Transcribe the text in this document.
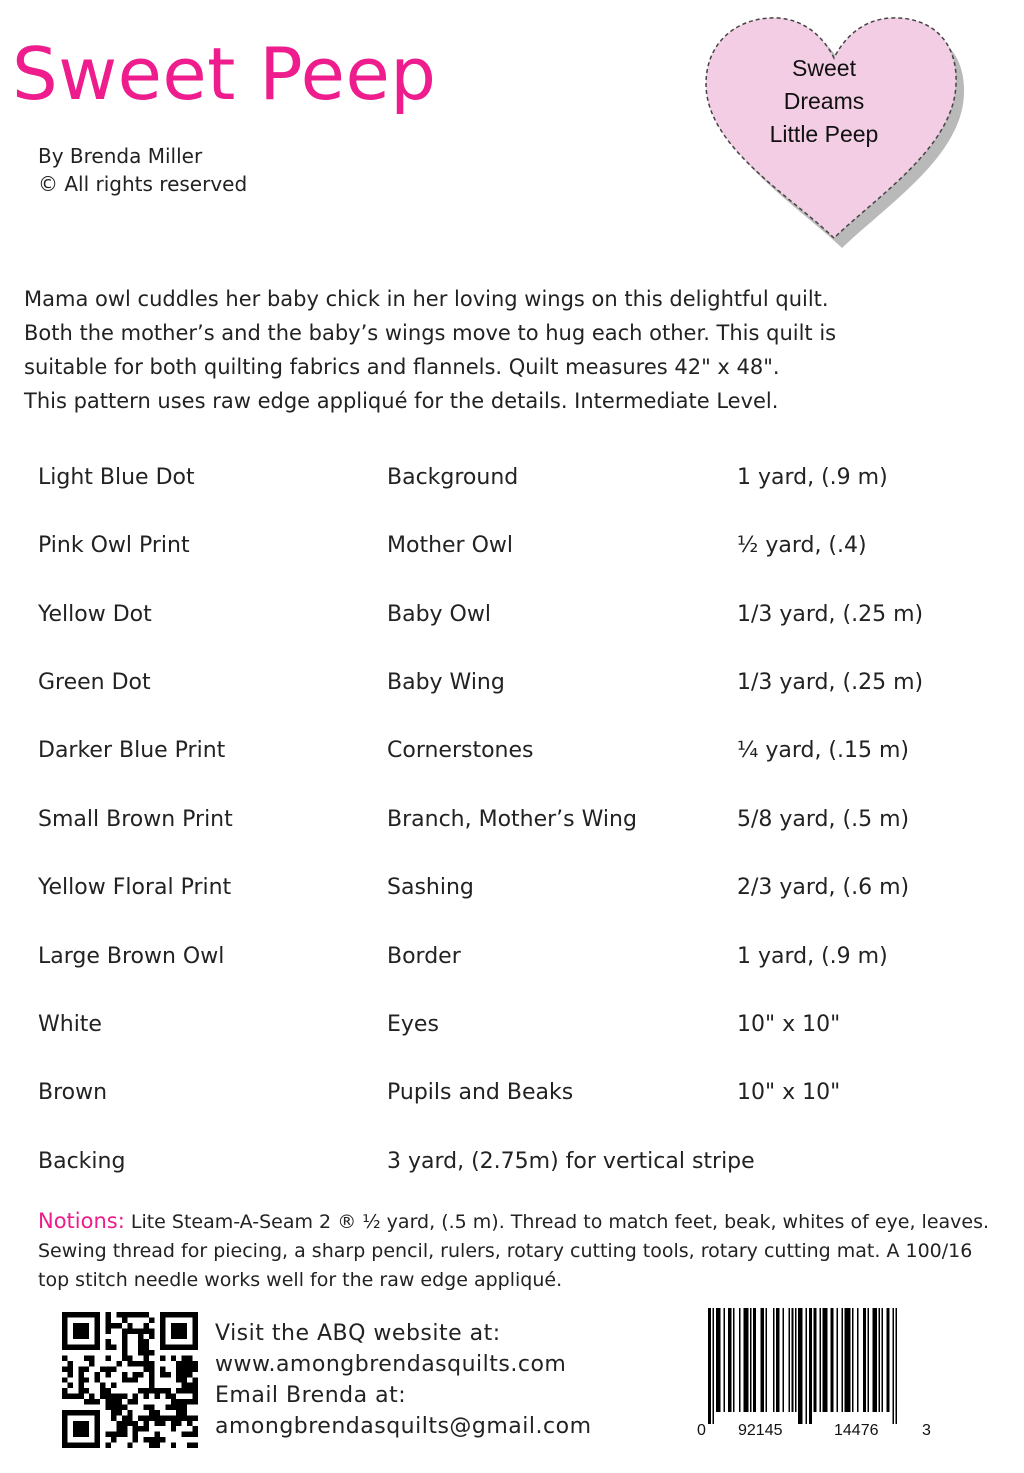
Sweet Peep
By Brenda Miller
© All rights reserved
Sweet
Dreams
Little Peep
Mama owl cuddles her baby chick in her loving wings on this delightful quilt.
Both the mother’s and the baby’s wings move to hug each other. This quilt is
suitable for both quilting fabrics and flannels. Quilt measures 42" x 48".
This pattern uses raw edge appliqué for the details. Intermediate Level.
Light Blue Dot	Background	1 yard, (.9 m)
Pink Owl Print	Mother Owl	½ yard, (.4)
Yellow Dot	Baby Owl	1/3 yard, (.25 m)
Green Dot	Baby Wing	1/3 yard, (.25 m)
Darker Blue Print	Cornerstones	¼ yard, (.15 m)
Small Brown Print	Branch, Mother’s Wing	5/8 yard, (.5 m)
Yellow Floral Print	Sashing	2/3 yard, (.6 m)
Large Brown Owl	Border	1 yard, (.9 m)
White	Eyes	10" x 10"
Brown	Pupils and Beaks	10" x 10"
Backing	3 yard, (2.75m) for vertical stripe
Notions: Lite Steam-A-Seam 2 ® ½ yard, (.5 m). Thread to match feet, beak, whites of eye, leaves. Sewing thread for piecing, a sharp pencil, rulers, rotary cutting tools, rotary cutting mat. A 100/16 top stitch needle works well for the raw edge appliqué.
Visit the ABQ website at:
www.amongbrendasquilts.com
Email Brenda at:
amongbrendasquilts@gmail.com	0 92145	14476	3
